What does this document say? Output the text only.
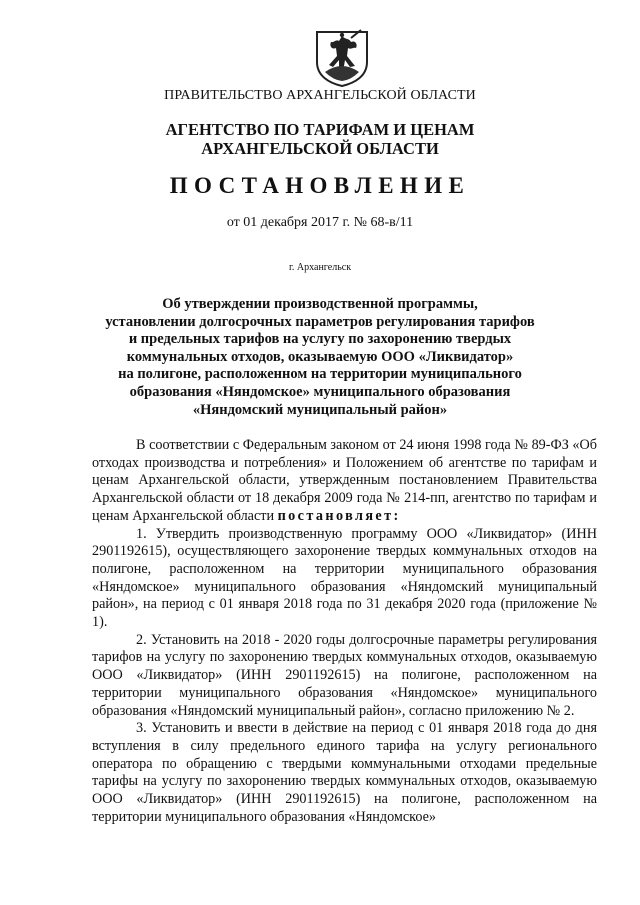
ПРАВИТЕЛЬСТВО АРХАНГЕЛЬСКОЙ ОБЛАСТИ
АГЕНТСТВО ПО ТАРИФАМ И ЦЕНАМ
АРХАНГЕЛЬСКОЙ ОБЛАСТИ
ПОСТАНОВЛЕНИЕ
от 01 декабря 2017 г. № 68-в/11
г. Архангельск
Об утверждении производственной программы,
установлении долгосрочных параметров регулирования тарифов
и предельных тарифов на услугу по захоронению твердых
коммунальных отходов, оказываемую ООО «Ликвидатор»
на полигоне, расположенном на территории муниципального
образования «Няндомское» муниципального образования
«Няндомский муниципальный район»

В соответствии с Федеральным законом от 24 июня 1998 года № 89-ФЗ «Об отходах производства и потребления» и Положением об агентстве по тарифам и ценам Архангельской области, утвержденным постановлением Правительства Архангельской области от 18 декабря 2009 года № 214-пп, агентство по тарифам и ценам Архангельской области постановляет:

1. Утвердить производственную программу ООО «Ликвидатор» (ИНН 2901192615), осуществляющего захоронение твердых коммунальных отходов на полигоне, расположенном на территории муниципального образования «Няндомское» муниципального образования «Няндомский муниципальный район», на период с 01 января 2018 года по 31 декабря 2020 года (приложение № 1).

2. Установить на 2018 - 2020 годы долгосрочные параметры регулирования тарифов на услугу по захоронению твердых коммунальных отходов, оказываемую ООО «Ликвидатор» (ИНН 2901192615) на полигоне, расположенном на территории муниципального образования «Няндомское» муниципального образования «Няндомский муниципальный район», согласно приложению № 2.

3. Установить и ввести в действие на период с 01 января 2018 года до дня вступления в силу предельного единого тарифа на услугу регионального оператора по обращению с твердыми коммунальными отходами предельные тарифы на услугу по захоронению твердых коммунальных отходов, оказываемую ООО «Ликвидатор» (ИНН 2901192615) на полигоне, расположенном на территории муниципального образования «Няндомское»
